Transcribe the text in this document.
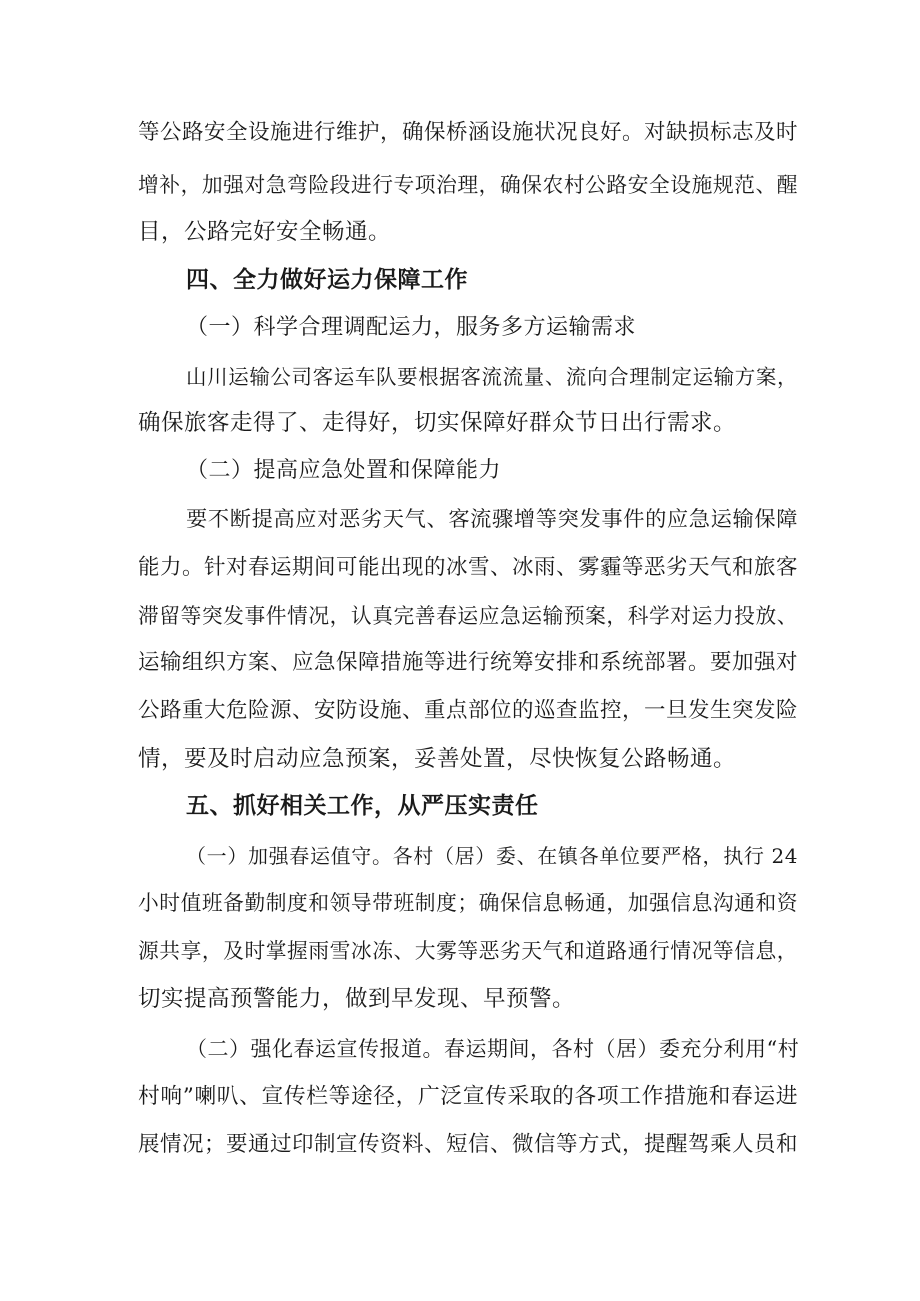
等公路安全设施进行维护，确保桥涵设施状况良好。对缺损标志及时
增补，加强对急弯险段进行专项治理，确保农村公路安全设施规范、醒
目，公路完好安全畅通。
四、全力做好运力保障工作
（一）科学合理调配运力，服务多方运输需求
山川运输公司客运车队要根据客流流量、流向合理制定运输方案，
确保旅客走得了、走得好，切实保障好群众节日出行需求。
（二）提高应急处置和保障能力
要不断提高应对恶劣天气、客流骤增等突发事件的应急运输保障
能力。针对春运期间可能出现的冰雪、冰雨、雾霾等恶劣天气和旅客
滞留等突发事件情况，认真完善春运应急运输预案，科学对运力投放、
运输组织方案、应急保障措施等进行统筹安排和系统部署。要加强对
公路重大危险源、安防设施、重点部位的巡查监控，一旦发生突发险
情，要及时启动应急预案，妥善处置，尽快恢复公路畅通。
五、抓好相关工作，从严压实责任
（一）加强春运值守。各村（居）委、在镇各单位要严格，执行 24
小时值班备勤制度和领导带班制度；确保信息畅通，加强信息沟通和资
源共享，及时掌握雨雪冰冻、大雾等恶劣天气和道路通行情况等信息，
切实提高预警能力，做到早发现、早预警。
（二）强化春运宣传报道。春运期间，各村（居）委充分利用“村
村响”喇叭、宣传栏等途径，广泛宣传采取的各项工作措施和春运进
展情况；要通过印制宣传资料、短信、微信等方式，提醒驾乘人员和
